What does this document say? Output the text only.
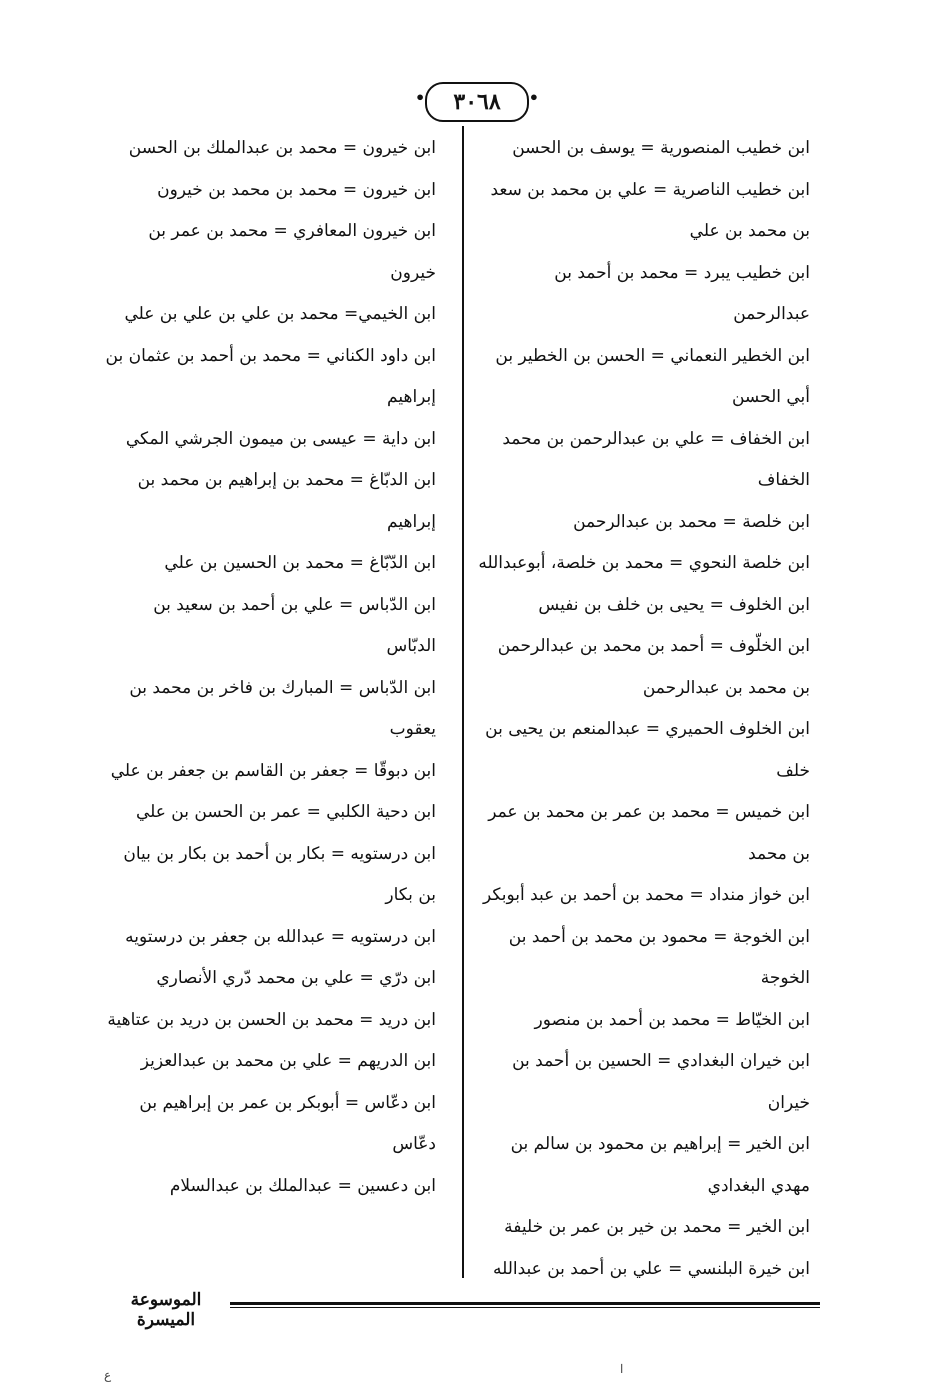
• ٣٠٦٨
•
ابن خطيب المنصورية = يوسف بن الحسن
ابن خطيب الناصرية = علي بن محمد بن سعد بن محمد بن علي
ابن خطيب يبرد = محمد بن أحمد بن عبدالرحمن
ابن الخطير النعماني = الحسن بن الخطير بن أبي الحسن
ابن الخفاف = علي بن عبدالرحمن بن محمد الخفاف
ابن خلصة = محمد بن عبدالرحمن
ابن خلصة النحوي = محمد بن خلصة، أبوعبدالله
ابن الخلوف = يحيى بن خلف بن نفيس
ابن الخلّوف = أحمد بن محمد بن عبدالرحمن بن محمد بن عبدالرحمن
ابن الخلوف الحميري = عبدالمنعم بن يحيى بن خلف
ابن خميس = محمد بن عمر بن محمد بن عمر بن محمد
ابن خواز منداد = محمد بن أحمد بن عبد أبوبكر
ابن الخوجة = محمود بن محمد بن أحمد بن الخوجة
ابن الخيّاط = محمد بن أحمد بن منصور
ابن خيران البغدادي = الحسين بن أحمد بن خيران
ابن الخير = إبراهيم بن محمود بن سالم بن مهدي البغدادي
ابن الخير = محمد بن خير بن عمر بن خليفة
ابن خيرة البلنسي = علي بن أحمد بن عبدالله
ابن خيرون = محمد بن عبدالملك بن الحسن
ابن خيرون = محمد بن محمد بن خيرون
ابن خيرون المعافري = محمد بن عمر بن خيرون
ابن الخيمي= محمد بن علي بن علي بن علي
ابن داود الكناني = محمد بن أحمد بن عثمان بن إبراهيم
ابن داية = عيسى بن ميمون الجرشي المكي
ابن الدبّاغ = محمد بن إبراهيم بن محمد بن إبراهيم
ابن الدّبّاغ = محمد بن الحسين بن علي
ابن الدّباس = علي بن أحمد بن سعيد بن الدبّاس
ابن الدّباس = المبارك بن فاخر بن محمد بن يعقوب
ابن دبوقّا = جعفر بن القاسم بن جعفر بن علي
ابن دحية الكلبي = عمر بن الحسن بن علي
ابن درستويه = بكار بن أحمد بن بكار بن بيان بن بكار
ابن درستويه = عبدالله بن جعفر بن درستويه
ابن درّي = علي بن محمد دّري الأنصاري
ابن دريد = محمد بن الحسن بن دريد بن عتاهية
ابن الدريهم = علي بن محمد بن عبدالعزيز
ابن دعّاس = أبوبكر بن عمر بن إبراهيم بن دعّاس
ابن دعسين = عبدالملك بن عبدالسلام
الموسوعة الميسرة
ا
ع
